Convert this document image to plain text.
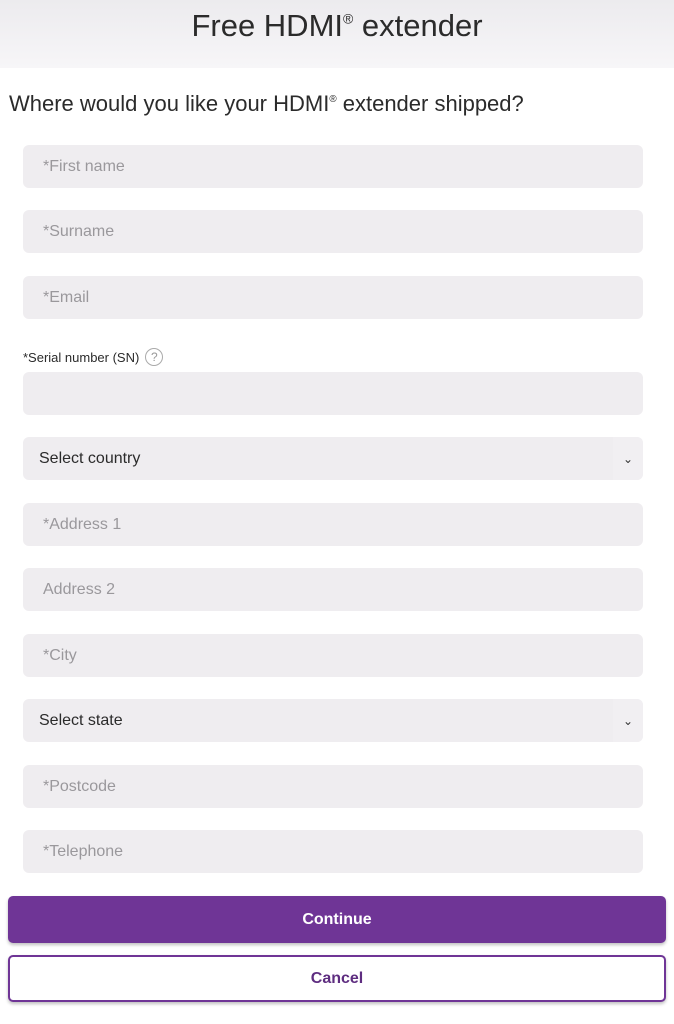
Free HDMI® extender
Where would you like your HDMI® extender shipped?
*First name
*Surname
*Email
*Serial number (SN) ?
Select country	⌄
*Address 1
Address 2
*City
Select state	⌄
*Postcode
*Telephone
Continue
Cancel
